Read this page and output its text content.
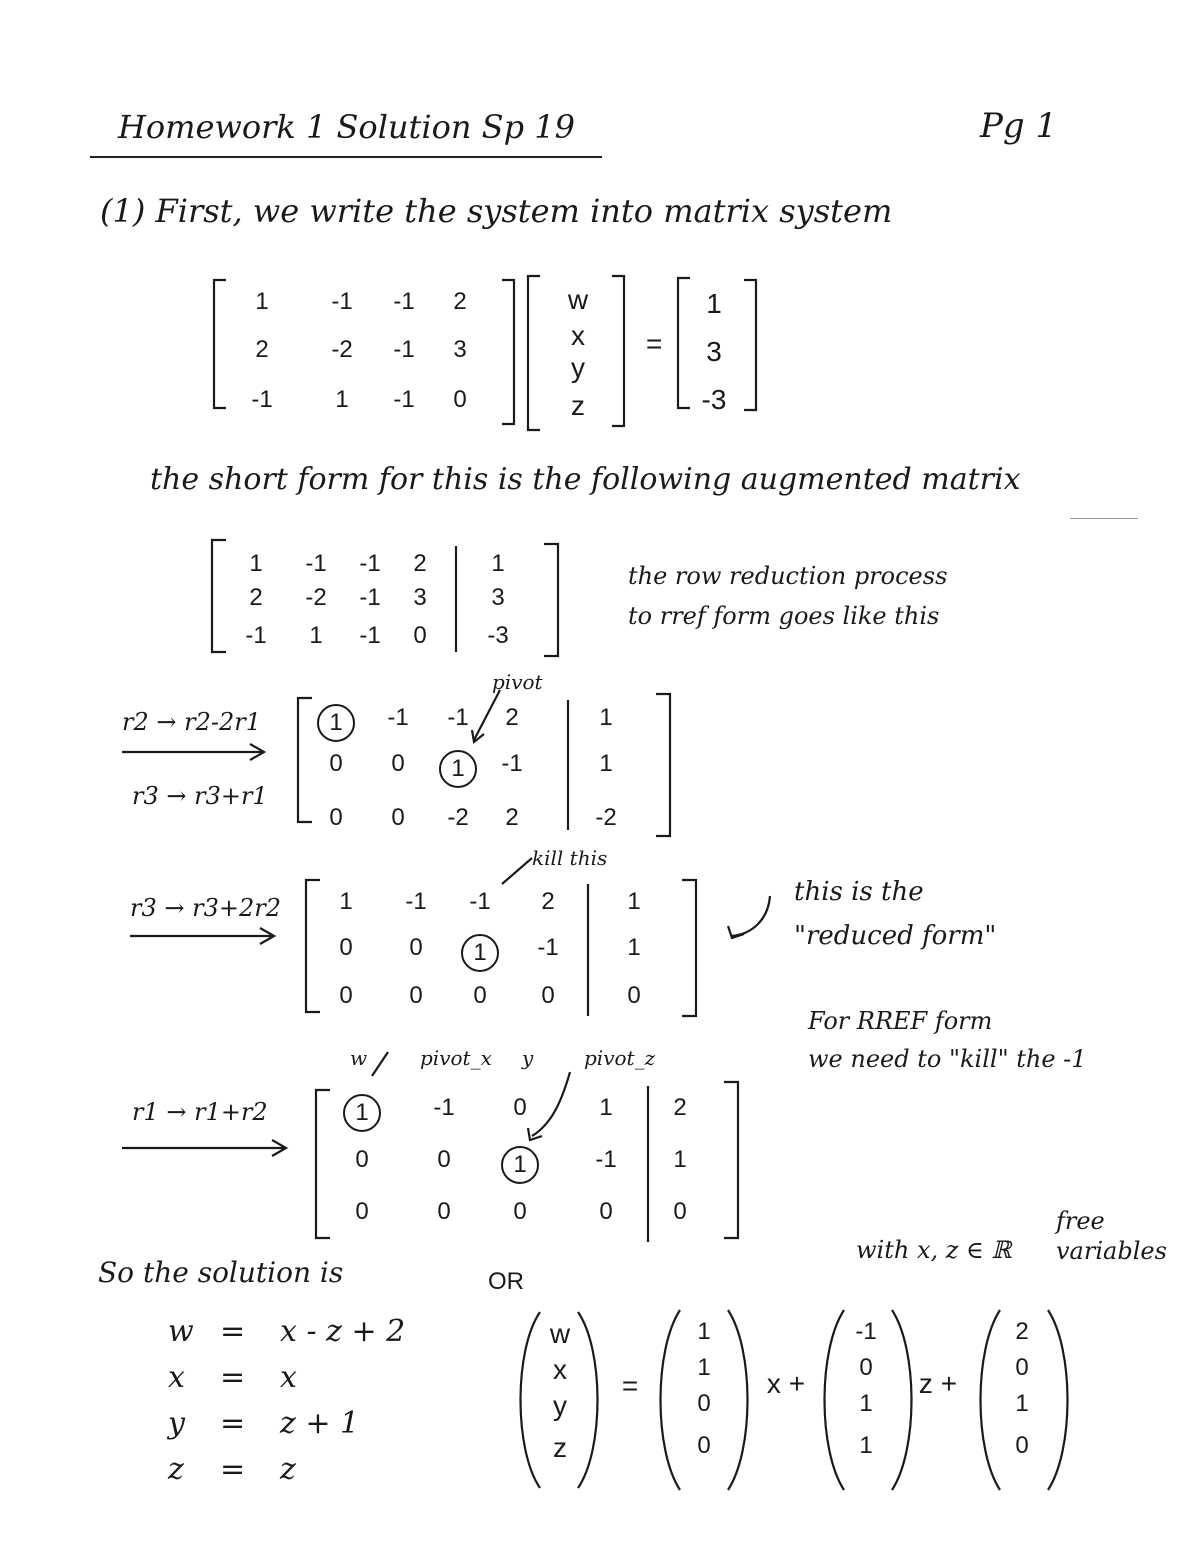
Homework 1 Solution Sp 19	Pg 1
(1) First, we write the system into matrix system
1	-1 -1 2
2	-2 -1 3
-1	1 -1 0
w
x
y
z
=
1
3
-3
the short form for this is the following augmented matrix
1 -1 -1 2	1
2 -2 -1 3	3
-1 1 -1 0	-3
the row reduction process
to rref form goes like this
r2 → r2-2r1
r3 → r3+r1
pivot
1	-1 -1 2	1
0 0	1	-1	1
0 0 -2 2	-2
r3 → r3+2r2
kill this
1 -1 -1 2	1
0 0	1	-1	1
0 0 0 0	0
this is the
"reduced form"
For RREF form
we need to "kill" the -1
r1 → r1+r2
w	pivot_x y	pivot_z
1	-1 0	1	2
0	0	1	-1 1
0	0	0	0	0
So the solution is	OR
with x, z ∈ ℝ
free
variables
w = x - z + 2
x = x
y = z + 1
z = z
w
x
y
z
=
1
1
0
0
x +
-1
0
1
1
z +
2
0
1
0
